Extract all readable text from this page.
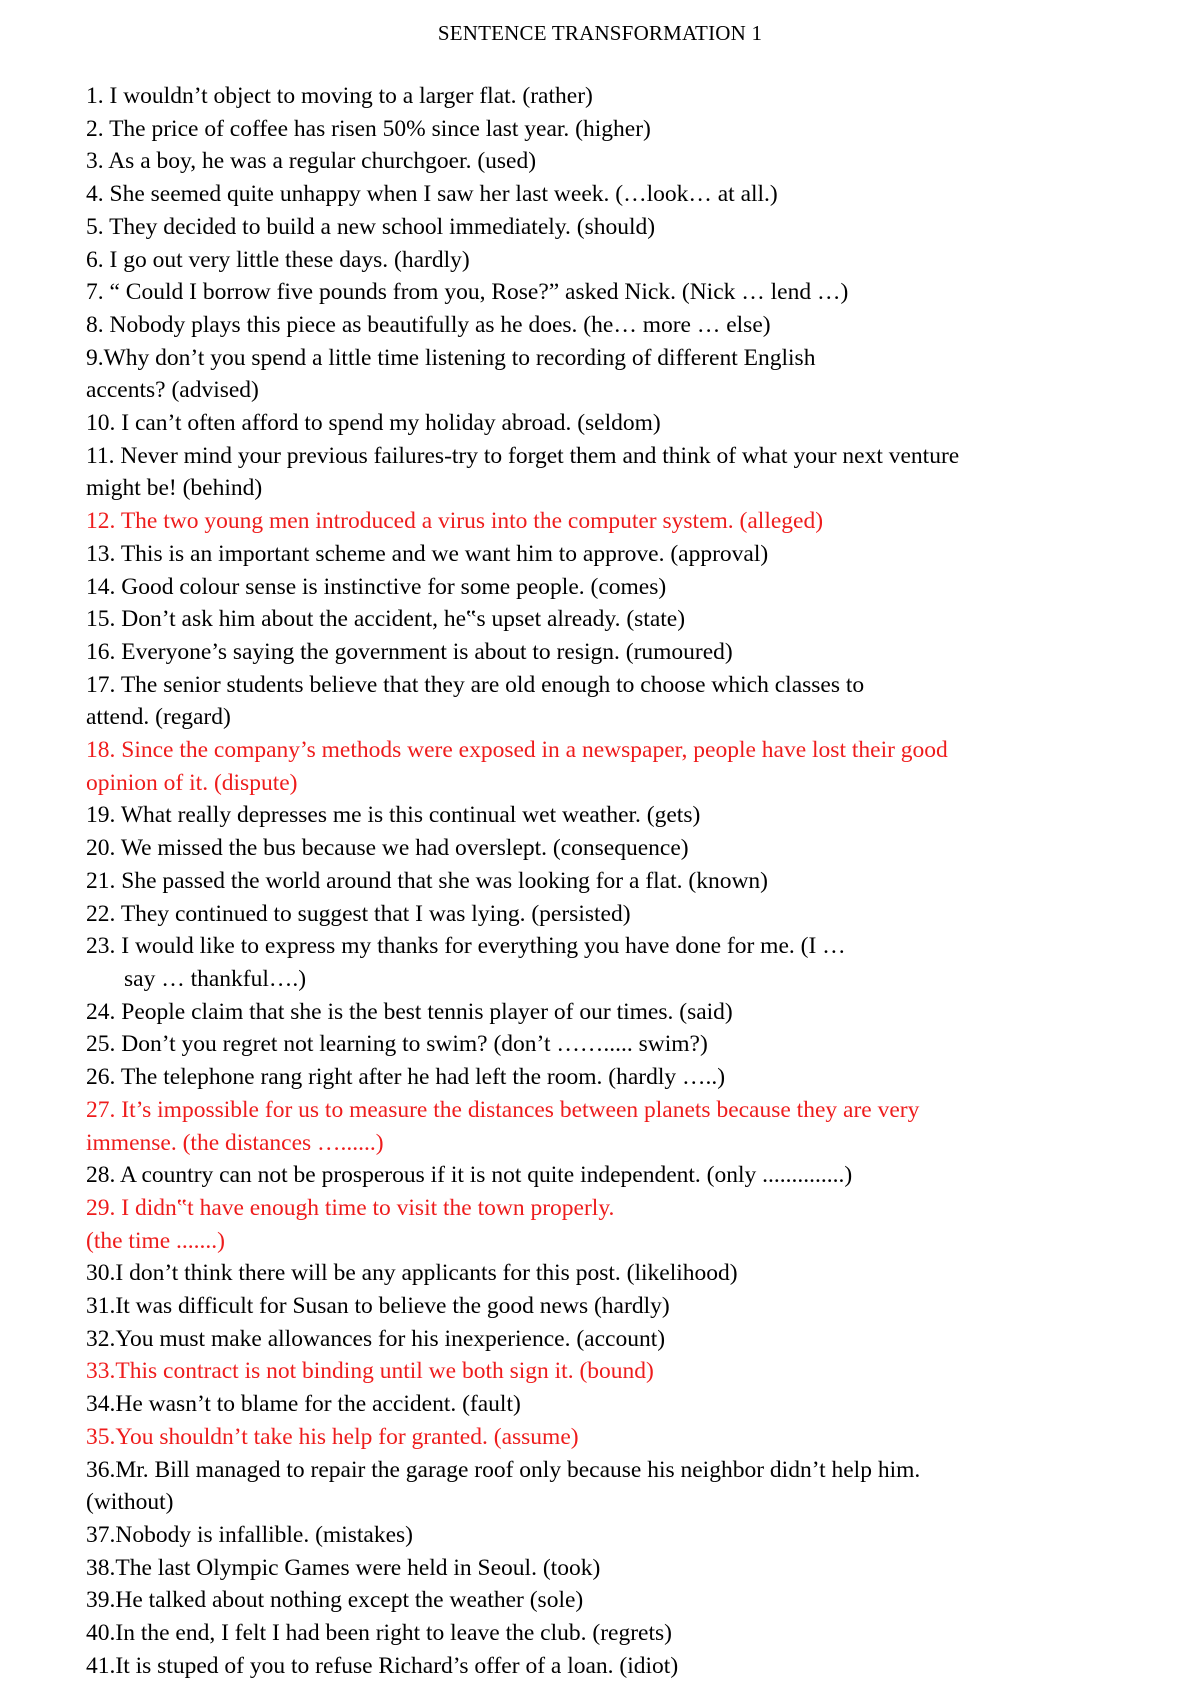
SENTENCE TRANSFORMATION 1
1. I wouldn’t object to moving to a larger flat. (rather)
2. The price of coffee has risen 50% since last year. (higher)
3. As a boy, he was a regular churchgoer. (used)
4. She seemed quite unhappy when I saw her last week. (…look… at all.)
5. They decided to build a new school immediately. (should)
6. I go out very little these days. (hardly)
7. “ Could I borrow five pounds from you, Rose?” asked Nick. (Nick … lend …)
8. Nobody plays this piece as beautifully as he does. (he… more … else)
9.Why don’t you spend a little time listening to recording of different English
accents? (advised)
10. I can’t often afford to spend my holiday abroad. (seldom)
11. Never mind your previous failures-try to forget them and think of what your next venture
might be! (behind)
12. The two young men introduced a virus into the computer system. (alleged)
13. This is an important scheme and we want him to approve. (approval)
14. Good colour sense is instinctive for some people. (comes)
15. Don’t ask him about the accident, he‟s upset already. (state)
16. Everyone’s saying the government is about to resign. (rumoured)
17. The senior students believe that they are old enough to choose which classes to
attend. (regard)
18. Since the company’s methods were exposed in a newspaper, people have lost their good
opinion of it. (dispute)
19. What really depresses me is this continual wet weather. (gets)
20. We missed the bus because we had overslept. (consequence)
21. She passed the world around that she was looking for a flat. (known)
22. They continued to suggest that I was lying. (persisted)
23. I would like to express my thanks for everything you have done for me. (I …
say … thankful….)
24. People claim that she is the best tennis player of our times. (said)
25. Don’t you regret not learning to swim? (don’t ……..... swim?)
26. The telephone rang right after he had left the room. (hardly …..)
27. It’s impossible for us to measure the distances between planets because they are very
immense. (the distances …......)
28. A country can not be prosperous if it is not quite independent. (only ..............)
29. I didn‟t have enough time to visit the town properly.
(the time .......)
30.I don’t think there will be any applicants for this post. (likelihood)
31.It was difficult for Susan to believe the good news (hardly)
32.You must make allowances for his inexperience. (account)
33.This contract is not binding until we both sign it. (bound)
34.He wasn’t to blame for the accident. (fault)
35.You shouldn’t take his help for granted. (assume)
36.Mr. Bill managed to repair the garage roof only because his neighbor didn’t help him.
(without)
37.Nobody is infallible. (mistakes)
38.The last Olympic Games were held in Seoul. (took)
39.He talked about nothing except the weather (sole)
40.In the end, I felt I had been right to leave the club. (regrets)
41.It is stuped of you to refuse Richard’s offer of a loan. (idiot)
